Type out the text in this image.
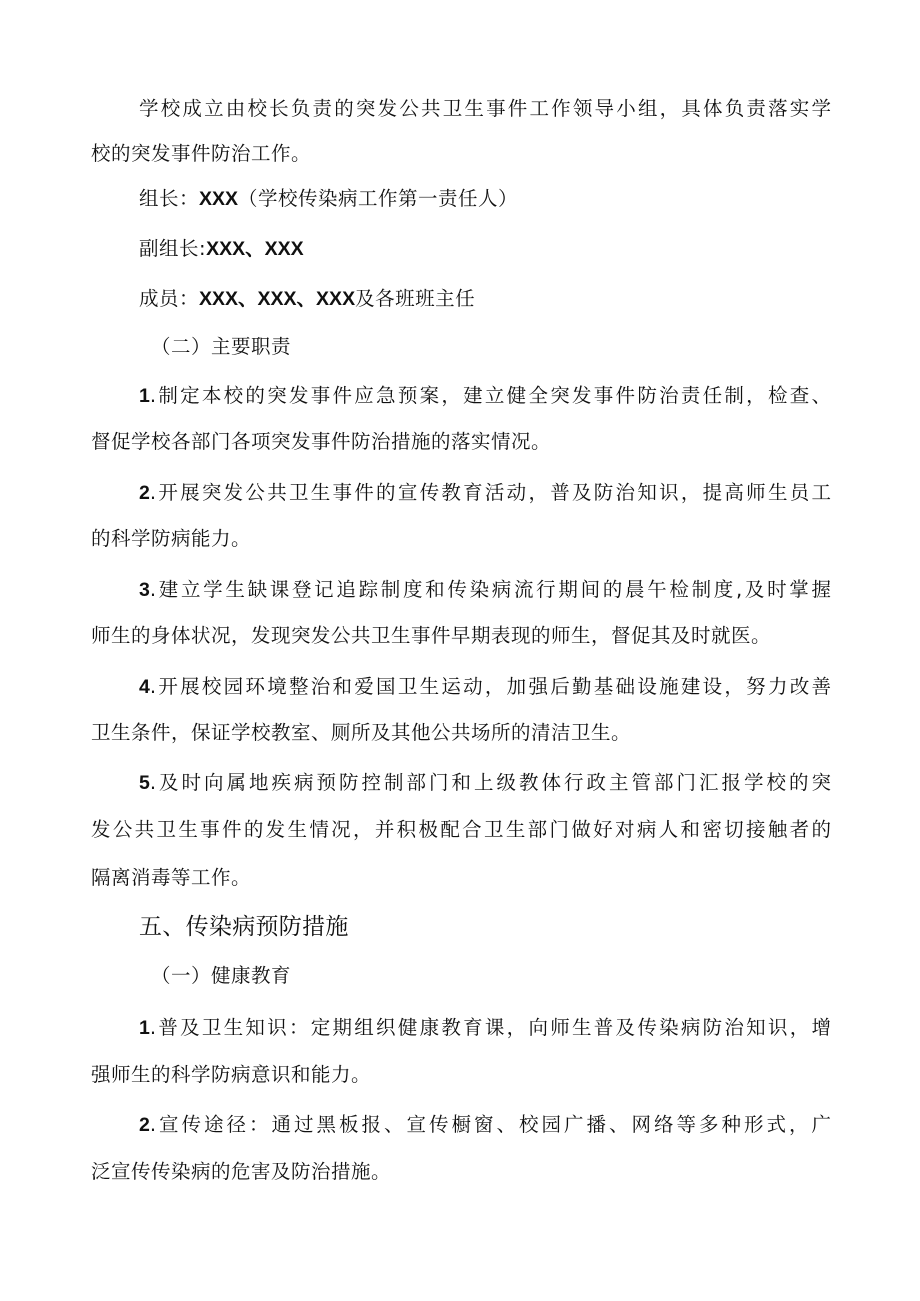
学校成立由校长负责的突发公共卫生事件工作领导小组，具体负责落实学
校的突发事件防治工作。
组长：XXX（学校传染病工作第一责任人）
副组长:XXX、XXX
成员：XXX、XXX、XXX及各班班主任
（二）主要职责
1.制定本校的突发事件应急预案，建立健全突发事件防治责任制，检查、
督促学校各部门各项突发事件防治措施的落实情况。
2.开展突发公共卫生事件的宣传教育活动，普及防治知识，提高师生员工
的科学防病能力。
3.建立学生缺课登记追踪制度和传染病流行期间的晨午检制度,及时掌握
师生的身体状况，发现突发公共卫生事件早期表现的师生，督促其及时就医。
4.开展校园环境整治和爱国卫生运动，加强后勤基础设施建设，努力改善
卫生条件，保证学校教室、厕所及其他公共场所的清洁卫生。
5.及时向属地疾病预防控制部门和上级教体行政主管部门汇报学校的突
发公共卫生事件的发生情况，并积极配合卫生部门做好对病人和密切接触者的
隔离消毒等工作。
五、传染病预防措施
（一）健康教育
1.普及卫生知识：定期组织健康教育课，向师生普及传染病防治知识，增
强师生的科学防病意识和能力。
2.宣传途径：通过黑板报、宣传橱窗、校园广播、网络等多种形式，广
泛宣传传染病的危害及防治措施。
